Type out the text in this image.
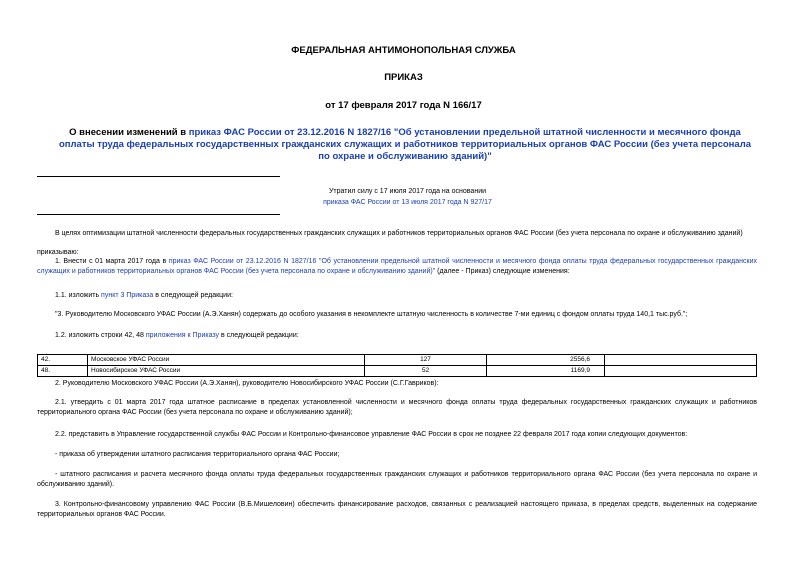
ФЕДЕРАЛЬНАЯ АНТИМОНОПОЛЬНАЯ СЛУЖБА
ПРИКАЗ
от 17 февраля 2017 года N 166/17
О внесении изменений в приказ ФАС России от 23.12.2016 N 1827/16 "Об установлении предельной штатной численности и месячного фонда оплаты труда федеральных государственных гражданских служащих и работников территориальных органов ФАС России (без учета персонала по охране и обслуживанию зданий)"
Утратил силу с 17 июля 2017 года на основании
приказа ФАС России от 13 июля 2017 года N 927/17
В целях оптимизации штатной численности федеральных государственных гражданских служащих и работников территориальных органов ФАС России (без учета персонала по охране и обслуживанию зданий)
приказываю:
1. Внести с 01 марта 2017 года в приказ ФАС России от 23.12.2016 N 1827/16 "Об установлении предельной штатной численности и месячного фонда оплаты труда федеральных государственных гражданских служащих и работников территориальных органов ФАС России (без учета персонала по охране и обслуживанию зданий)" (далее - Приказ) следующие изменения:
1.1. изложить пункт 3 Приказа в следующей редакции:
"3. Руководителю Московского УФАС России (А.Э.Ханян) содержать до особого указания в некомплекте штатную численность в количестве 7-ми единиц с фондом оплаты труда 140,1 тыс.руб.";
1.2. изложить строки 42, 48 приложения к Приказу в следующей редакции:
42.	Московское УФАС России	127	2556,6	
48.	Новосибирское УФАС России	52	1169,9	
2. Руководителю Московского УФАС России (А.Э.Ханян), руководителю Новосибирского УФАС России (С.Г.Гавриков):
2.1. утвердить с 01 марта 2017 года штатное расписание в пределах установленной численности и месячного фонда оплаты труда федеральных государственных гражданских служащих и работников территориального органа ФАС России (без учета персонала по охране и обслуживанию зданий);
2.2. представить в Управление государственной службы ФАС России и Контрольно-финансовое управление ФАС России в срок не позднее 22 февраля 2017 года копии следующих документов:
- приказа об утверждении штатного расписания территориального органа ФАС России;
- штатного расписания и расчета месячного фонда оплаты труда федеральных государственных гражданских служащих и работников территориального органа ФАС России (без учета персонала по охране и обслуживанию зданий).
3. Контрольно-финансовому управлению ФАС России (В.Б.Мишеловин) обеспечить финансирование расходов, связанных с реализацией настоящего приказа, в пределах средств, выделенных на содержание территориальных органов ФАС России.
